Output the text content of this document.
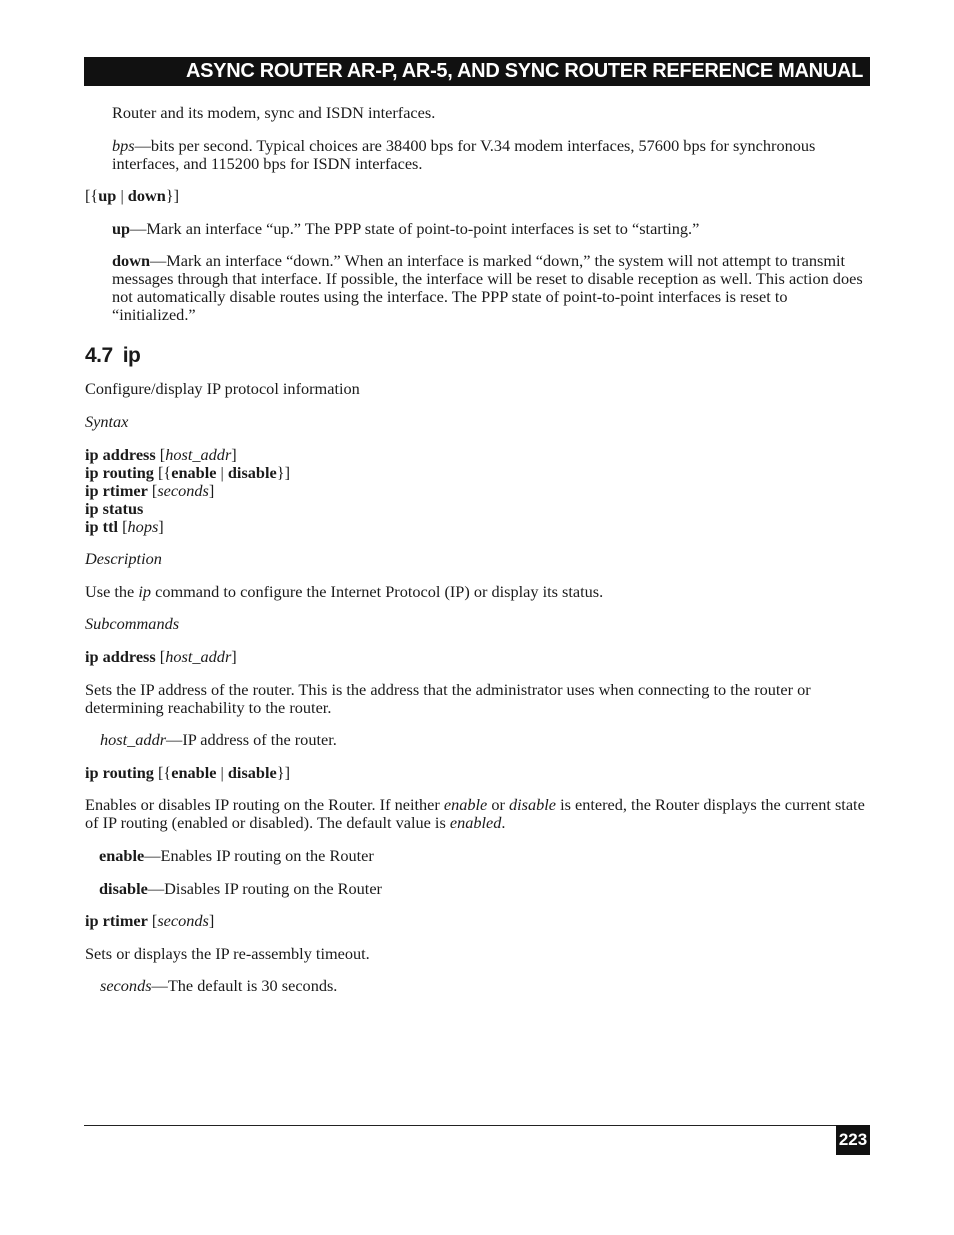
ASYNC ROUTER AR-P, AR-5, AND SYNC ROUTER REFERENCE MANUAL

Router and its modem, sync and ISDN interfaces.

bps—bits per second. Typical choices are 38400 bps for V.34 modem interfaces, 57600 bps for synchronous interfaces, and 115200 bps for ISDN interfaces.

[{up | down}]

up—Mark an interface “up.” The PPP state of point-to-point interfaces is set to “starting.”

down—Mark an interface “down.” When an interface is marked “down,” the system will not attempt to transmit messages through that interface. If possible, the interface will be reset to disable reception as well. This action does not automatically disable routes using the interface. The PPP state of point-to-point interfaces is reset to “initialized.”

4.7 ip

Configure/display IP protocol information

Syntax

ip address [host_addr]

ip routing [{enable | disable}]

ip rtimer [seconds]

ip status

ip ttl [hops]

Description

Use the ip command to configure the Internet Protocol (IP) or display its status.

Subcommands

ip address [host_addr]

Sets the IP address of the router. This is the address that the administrator uses when connecting to the router or determining reachability to the router.

host_addr—IP address of the router.

ip routing [{enable | disable}]

Enables or disables IP routing on the Router. If neither enable or disable is entered, the Router displays the current state of IP routing (enabled or disabled). The default value is enabled.

enable—Enables IP routing on the Router

disable—Disables IP routing on the Router

ip rtimer [seconds]

Sets or displays the IP re-assembly timeout.

seconds—The default is 30 seconds.

223
